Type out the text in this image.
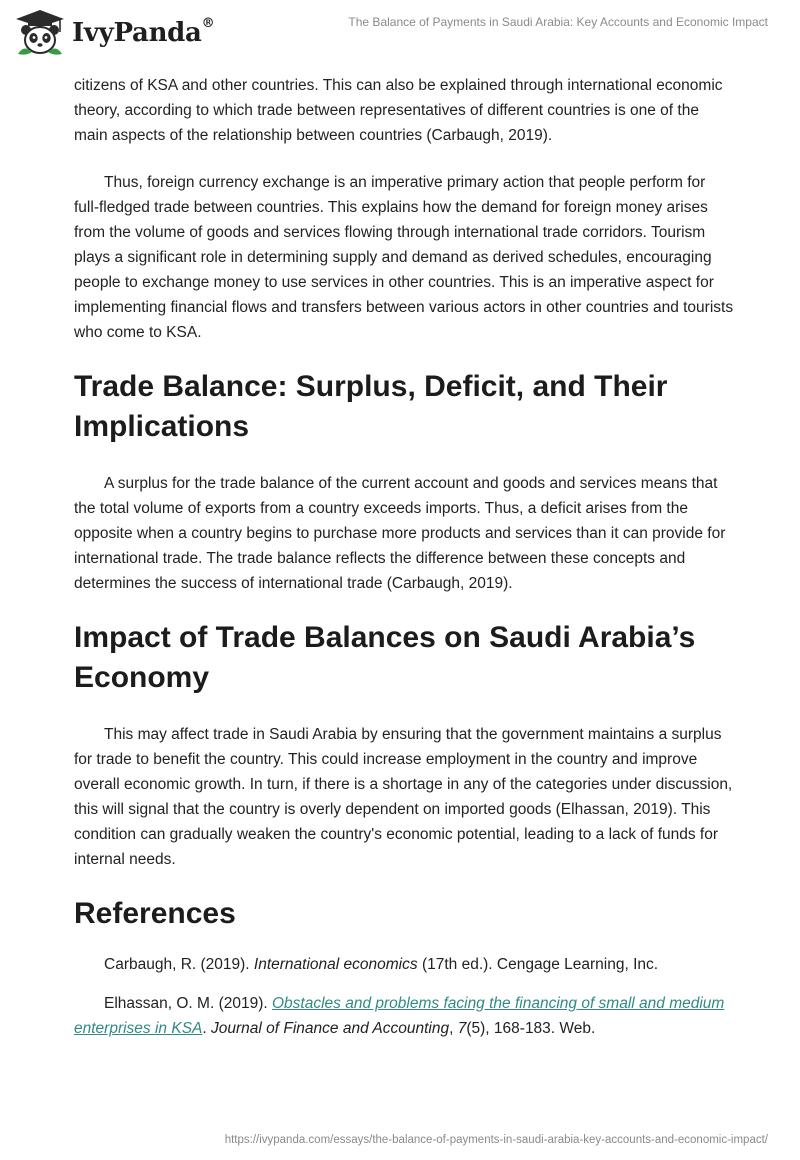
IvyPanda®	The Balance of Payments in Saudi Arabia: Key Accounts and Economic Impact

citizens of KSA and other countries. This can also be explained through international economic theory, according to which trade between representatives of different countries is one of the main aspects of the relationship between countries (Carbaugh, 2019).

Thus, foreign currency exchange is an imperative primary action that people perform for full-fledged trade between countries. This explains how the demand for foreign money arises from the volume of goods and services flowing through international trade corridors. Tourism plays a significant role in determining supply and demand as derived schedules, encouraging people to exchange money to use services in other countries. This is an imperative aspect for implementing financial flows and transfers between various actors in other countries and tourists who come to KSA.

Trade Balance: Surplus, Deficit, and Their Implications

A surplus for the trade balance of the current account and goods and services means that the total volume of exports from a country exceeds imports. Thus, a deficit arises from the opposite when a country begins to purchase more products and services than it can provide for international trade. The trade balance reflects the difference between these concepts and determines the success of international trade (Carbaugh, 2019).

Impact of Trade Balances on Saudi Arabia’s Economy

This may affect trade in Saudi Arabia by ensuring that the government maintains a surplus for trade to benefit the country. This could increase employment in the country and improve overall economic growth. In turn, if there is a shortage in any of the categories under discussion, this will signal that the country is overly dependent on imported goods (Elhassan, 2019). This condition can gradually weaken the country's economic potential, leading to a lack of funds for internal needs.

References

Carbaugh, R. (2019). International economics (17th ed.). Cengage Learning, Inc.

Elhassan, O. M. (2019). Obstacles and problems facing the financing of small and medium enterprises in KSA. Journal of Finance and Accounting, 7(5), 168-183. Web.

https://ivypanda.com/essays/the-balance-of-payments-in-saudi-arabia-key-accounts-and-economic-impact/
